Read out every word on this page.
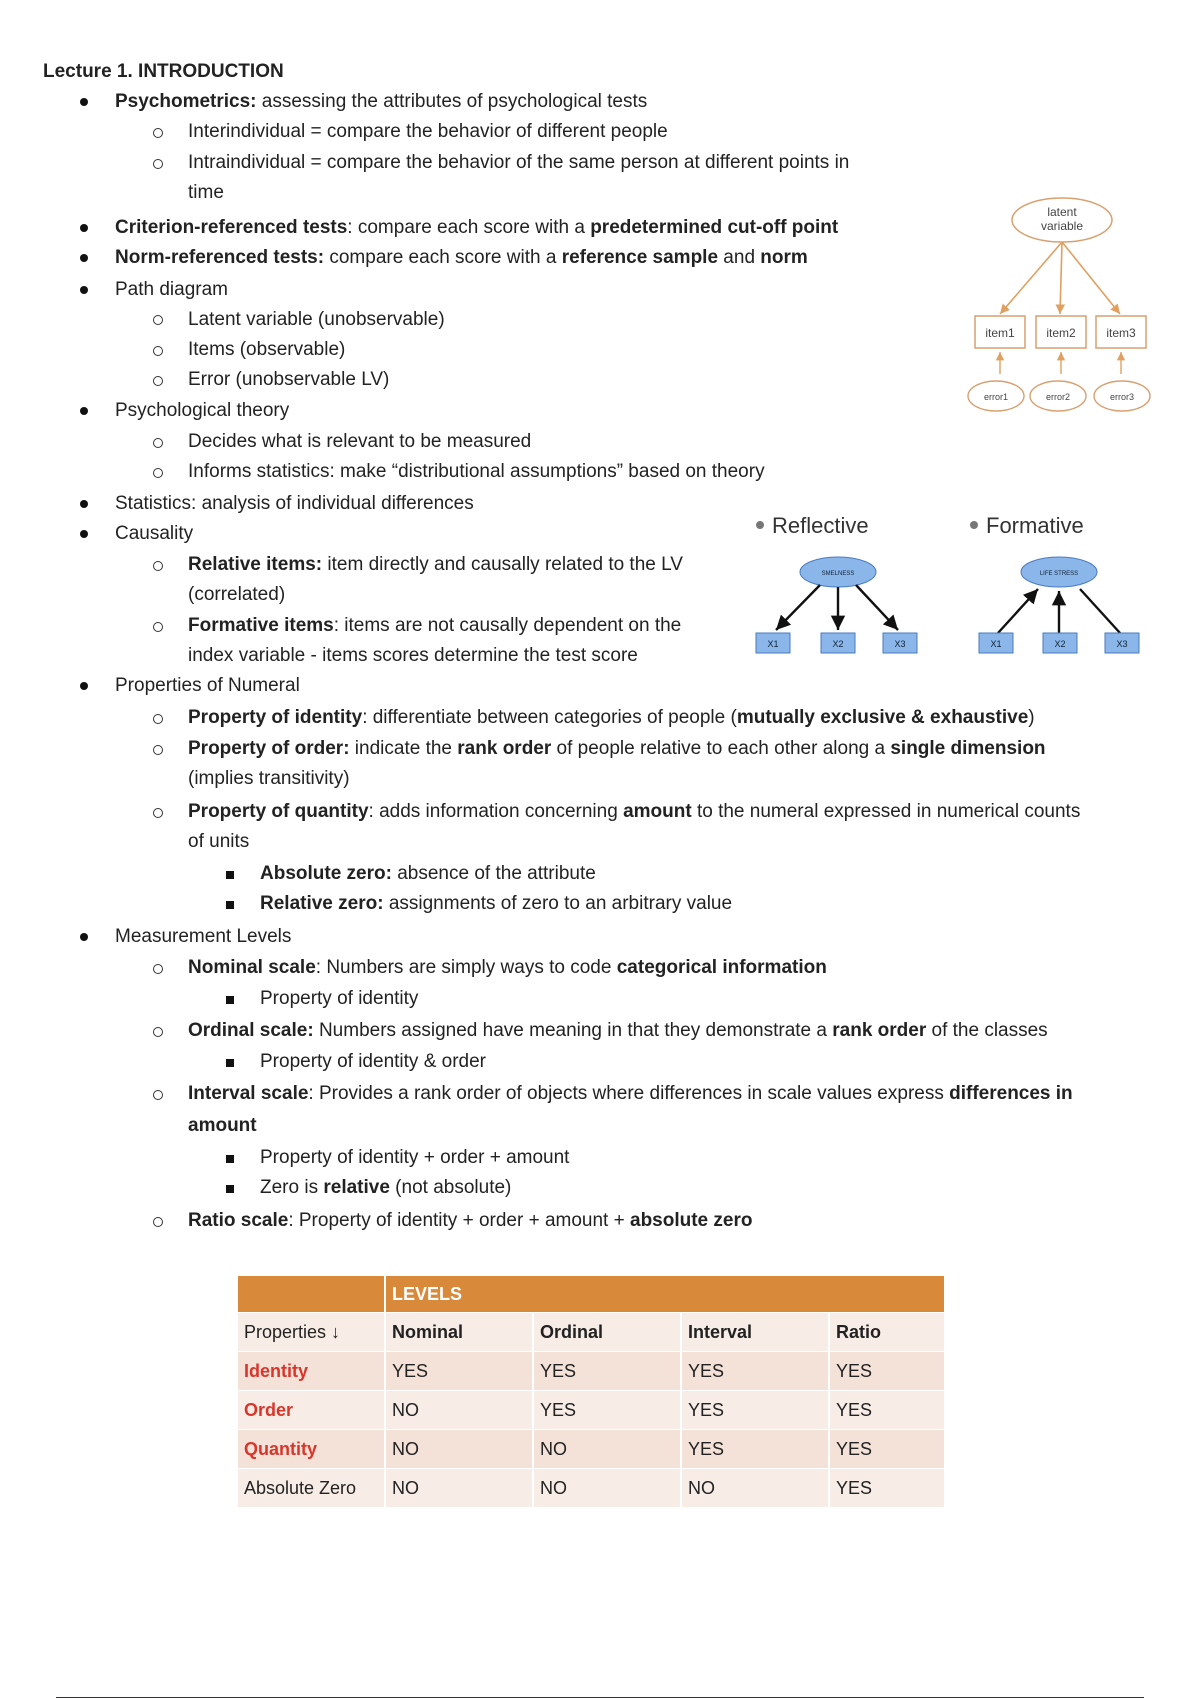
Lecture 1. INTRODUCTION
Psychometrics: assessing the attributes of psychological tests
Interindividual = compare the behavior of different people
Intraindividual = compare the behavior of the same person at different points in
time
Criterion-referenced tests: compare each score with a predetermined cut-off point
Norm-referenced tests: compare each score with a reference sample and norm
Path diagram
Latent variable (unobservable)
Items (observable)
Error (unobservable LV)
Psychological theory
Decides what is relevant to be measured
Informs statistics: make “distributional assumptions” based on theory
Statistics: analysis of individual differences
Causality
Relative items: item directly and causally related to the LV
(correlated)
Formative items: items are not causally dependent on the
index variable - items scores determine the test score
Properties of Numeral
Property of identity: differentiate between categories of people (mutually exclusive & exhaustive)
Property of order: indicate the rank order of people relative to each other along a single dimension
(implies transitivity)
Property of quantity: adds information concerning amount to the numeral expressed in numerical counts
of units
Absolute zero: absence of the attribute
Relative zero: assignments of zero to an arbitrary value
Measurement Levels
Nominal scale: Numbers are simply ways to code categorical information
Property of identity
Ordinal scale: Numbers assigned have meaning in that they demonstrate a rank order of the classes
Property of identity & order
Interval scale: Provides a rank order of objects where differences in scale values express differences in
amount
Property of identity + order + amount
Zero is relative (not absolute)
Ratio scale: Property of identity + order + amount + absolute zero
latent
variable
item1	item2	item3
error1	error2	error3
Reflective	Formative
SMELNESS
X1	X2	X3
LIFE STRESS
X1	X2	X3
	LEVELS			
Properties ↓	Nominal	Ordinal	Interval	Ratio
Identity	YES	YES	YES	YES
Order	NO	YES	YES	YES
Quantity	NO	NO	YES	YES
Absolute Zero	NO	NO	NO	YES
